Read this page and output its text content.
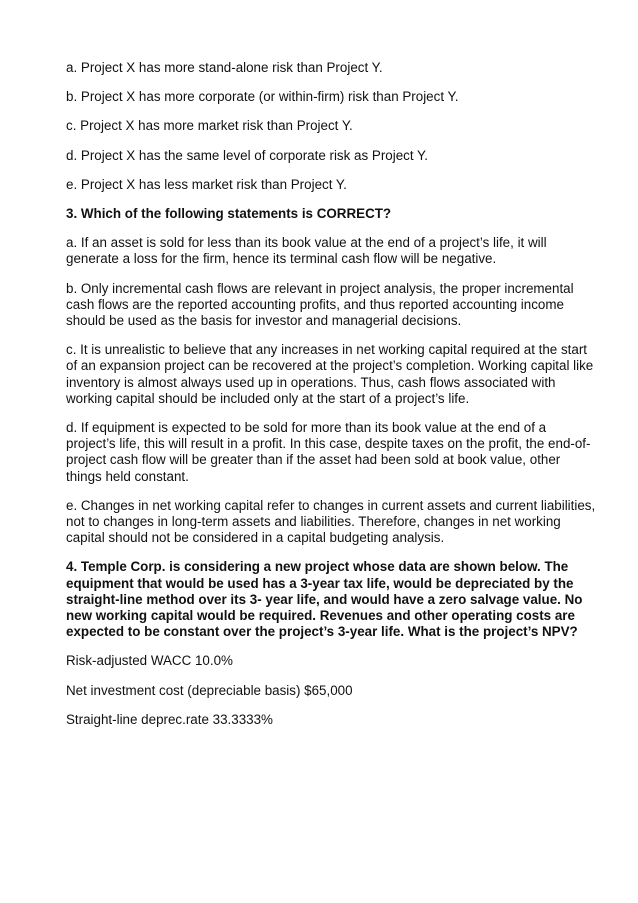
a. Project X has more stand-alone risk than Project Y.

b. Project X has more corporate (or within-firm) risk than Project Y.

c. Project X has more market risk than Project Y.

d. Project X has the same level of corporate risk as Project Y.

e. Project X has less market risk than Project Y.

3. Which of the following statements is CORRECT?

a. If an asset is sold for less than its book value at the end of a project’s life, it will generate a loss for the firm, hence its terminal cash flow will be negative.

b. Only incremental cash flows are relevant in project analysis, the proper incremental cash flows are the reported accounting profits, and thus reported accounting income should be used as the basis for investor and managerial decisions.

c. It is unrealistic to believe that any increases in net working capital required at the start of an expansion project can be recovered at the project’s completion. Working capital like inventory is almost always used up in operations. Thus, cash flows associated with working capital should be included only at the start of a project’s life.

d. If equipment is expected to be sold for more than its book value at the end of a project’s life, this will result in a profit. In this case, despite taxes on the profit, the end-of-project cash flow will be greater than if the asset had been sold at book value, other things held constant.

e. Changes in net working capital refer to changes in current assets and current liabilities, not to changes in long-term assets and liabilities. Therefore, changes in net working capital should not be considered in a capital budgeting analysis.

4. Temple Corp. is considering a new project whose data are shown below. The equipment that would be used has a 3-year tax life, would be depreciated by the straight-line method over its 3- year life, and would have a zero salvage value. No new working capital would be required. Revenues and other operating costs are expected to be constant over the project’s 3-year life. What is the project’s NPV?

Risk-adjusted WACC 10.0%

Net investment cost (depreciable basis) $65,000

Straight-line deprec.rate 33.3333%
